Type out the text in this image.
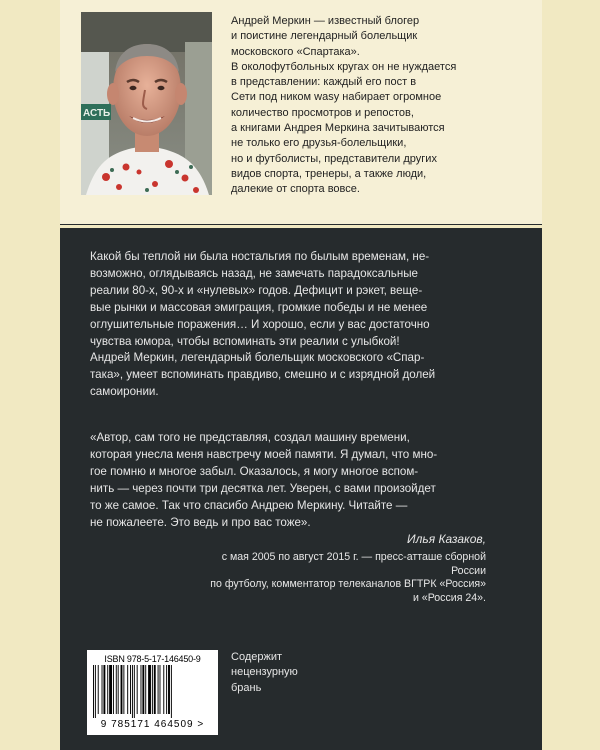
АСТЬ

Андрей Меркин — известный блогер

и поистине легендарный болельщик

московского «Спартака».

В околофутбольных кругах он не нуждается

в представлении: каждый его пост в

Сети под ником wasy набирает огромное

количество просмотров и репостов,

а книгами Андрея Меркина зачитываются

не только его друзья-болельщики,

но и футболисты, представители других

видов спорта, тренеры, а также люди,

далекие от спорта вовсе.

Какой бы теплой ни была ностальгия по былым временам, не-

возможно, оглядываясь назад, не замечать парадоксальные

реалии 80-х, 90-х и «нулевых» годов. Дефицит и рэкет, веще-

вые рынки и массовая эмиграция, громкие победы и не менее

оглушительные поражения… И хорошо, если у вас достаточно

чувства юмора, чтобы вспоминать эти реалии с улыбкой!

Андрей Меркин, легендарный болельщик московского «Спар-

така», умеет вспоминать правдиво, смешно и с изрядной долей

самоиронии.

«Автор, сам того не представляя, создал машину времени,

которая унесла меня навстречу моей памяти. Я думал, что мно-

гое помню и многое забыл. Оказалось, я могу многое вспом-

нить — через почти три десятка лет. Уверен, с вами произойдет

то же самое. Так что спасибо Андрею Меркину. Читайте —

не пожалеете. Это ведь и про вас тоже».

Илья Казаков,
с мая 2005 по август 2015 г. — пресс-атташе сборной России
по футболу, комментатор телеканалов ВГТРК «Россия»
и «Россия 24».
ISBN 978-5-17-146450-9
9 785171 464509 >

Содержит

нецензурную

брань
